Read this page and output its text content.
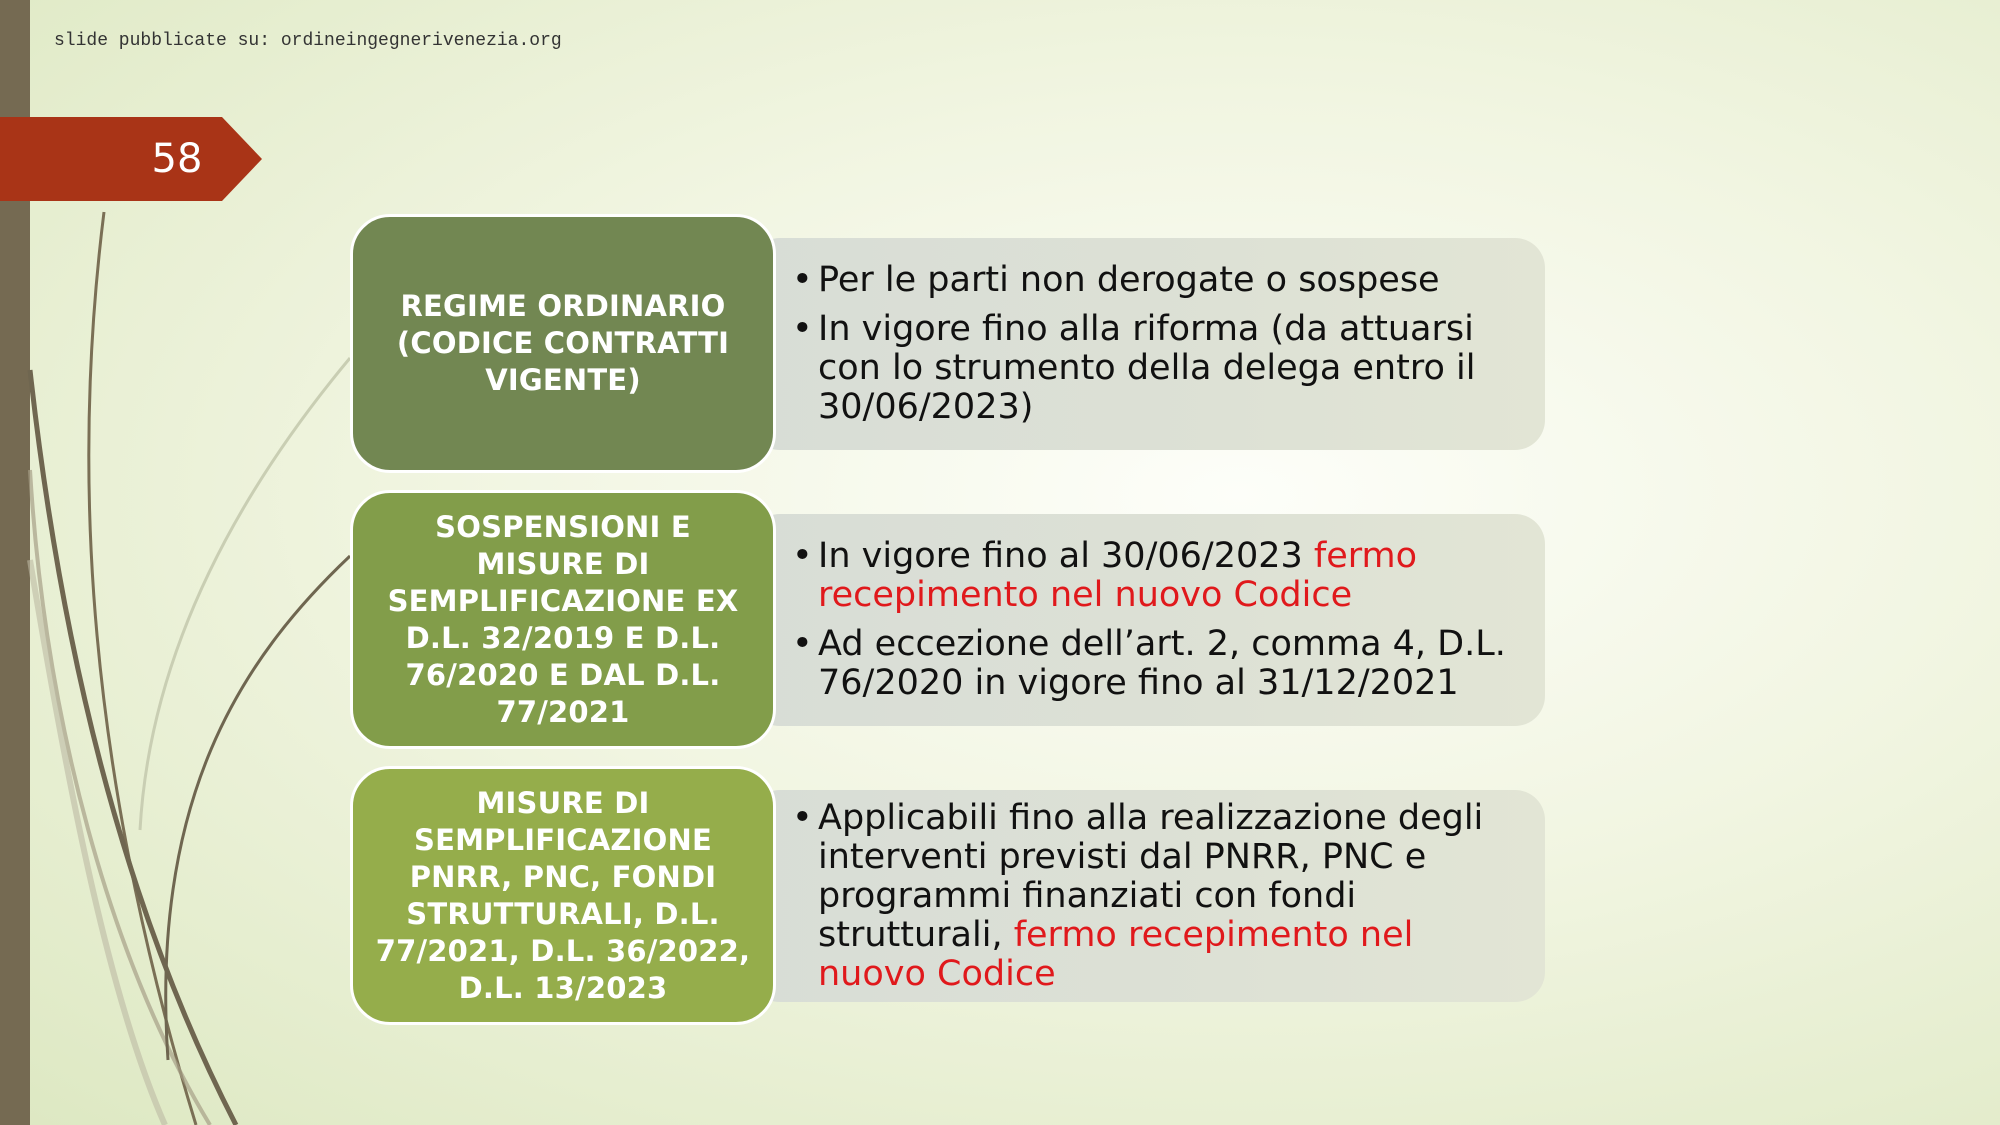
slide pubblicate su: ordineingegnerivenezia.org
58
• Per le parti non derogate o sospese
• In vigore fino alla riforma (da attuarsi con lo strumento della delega entro il 30/06/2023)
REGIME ORDINARIO (CODICE CONTRATTI VIGENTE)
• In vigore fino al 30/06/2023 fermo recepimento nel nuovo Codice
• Ad eccezione dell’art. 2, comma 4, D.L. 76/2020 in vigore fino al 31/12/2021
SOSPENSIONI E MISURE DI SEMPLIFICAZIONE EX D.L. 32/2019 E D.L. 76/2020 E DAL D.L. 77/2021
• Applicabili fino alla realizzazione degli interventi previsti dal PNRR, PNC e programmi finanziati con fondi strutturali, fermo recepimento nel nuovo Codice
MISURE DI SEMPLIFICAZIONE PNRR, PNC, FONDI STRUTTURALI, D.L. 77/2021, D.L. 36/2022, D.L. 13/2023
